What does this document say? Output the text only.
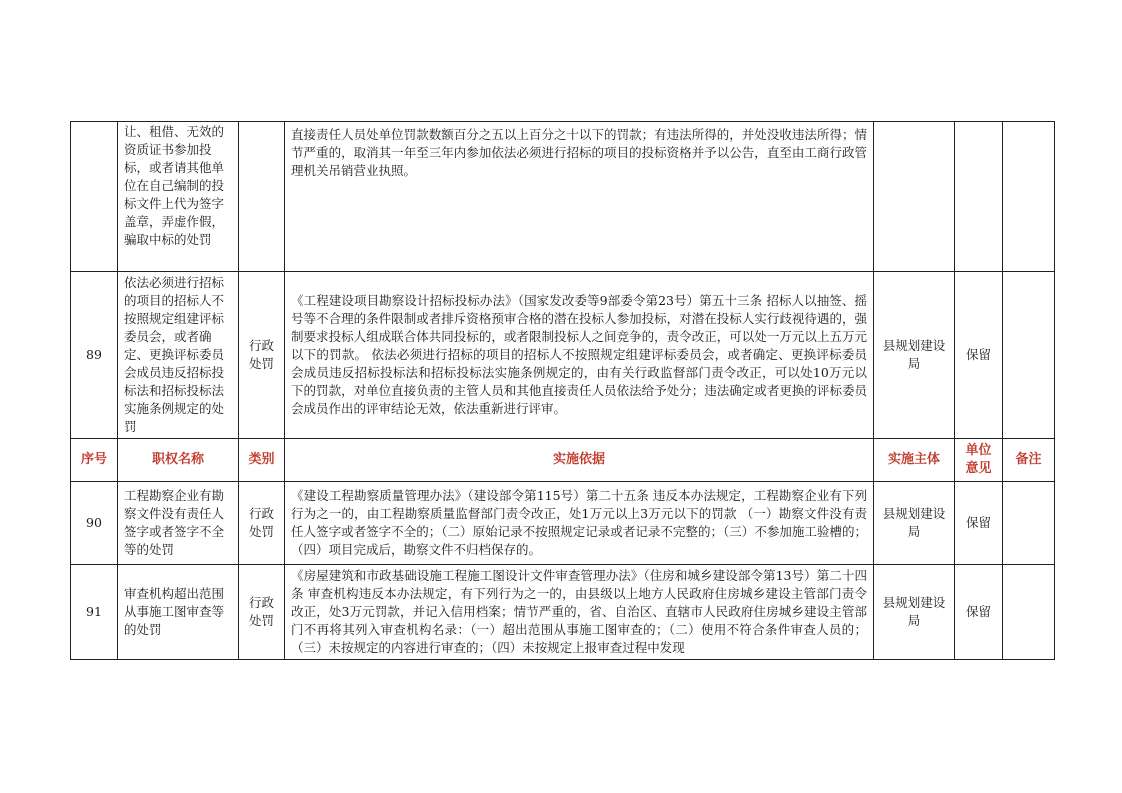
	让、租借、无效的资质证书参加投标，或者请其他单位在自己编制的投标文件上代为签字盖章，弄虚作假，骗取中标的处罚		直接责任人员处单位罚款数额百分之五以上百分之十以下的罚款；有违法所得的，并处没收违法所得；情节严重的，取消其一年至三年内参加依法必须进行招标的项目的投标资格并予以公告，直至由工商行政管理机关吊销营业执照。			
89	依法必须进行招标的项目的招标人不按照规定组建评标委员会，或者确定、更换评标委员会成员违反招标投标法和招标投标法实施条例规定的处罚	行政处罚	《工程建设项目勘察设计招标投标办法》（国家发改委等9部委令第23号）第五十三条 招标人以抽签、摇号等不合理的条件限制或者排斥资格预审合格的潜在投标人参加投标，对潜在投标人实行歧视待遇的，强制要求投标人组成联合体共同投标的，或者限制投标人之间竞争的，责令改正，可以处一万元以上五万元以下的罚款。 依法必须进行招标的项目的招标人不按照规定组建评标委员会，或者确定、更换评标委员会成员违反招标投标法和招标投标法实施条例规定的，由有关行政监督部门责令改正，可以处10万元以下的罚款，对单位直接负责的主管人员和其他直接责任人员依法给予处分；违法确定或者更换的评标委员会成员作出的评审结论无效，依法重新进行评审。	县规划建设局	保留	
序号	职权名称	类别	实施依据	实施主体	单位意见	备注
90	工程勘察企业有勘察文件没有责任人签字或者签字不全等的处罚	行政处罚	《建设工程勘察质量管理办法》（建设部令第115号）第二十五条 违反本办法规定，工程勘察企业有下列行为之一的，由工程勘察质量监督部门责令改正，处1万元以上3万元以下的罚款 （一）勘察文件没有责任人签字或者签字不全的；（二）原始记录不按照规定记录或者记录不完整的；（三）不参加施工验槽的；（四）项目完成后，勘察文件不归档保存的。	县规划建设局	保留	
91	审查机构超出范围从事施工图审查等的处罚	行政处罚	《房屋建筑和市政基础设施工程施工图设计文件审查管理办法》（住房和城乡建设部令第13号）第二十四条 审查机构违反本办法规定，有下列行为之一的，由县级以上地方人民政府住房城乡建设主管部门责令改正，处3万元罚款，并记入信用档案；情节严重的，省、自治区、直辖市人民政府住房城乡建设主管部门不再将其列入审查机构名录：（一）超出范围从事施工图审查的；（二）使用不符合条件审查人员的；（三）未按规定的内容进行审查的；（四）未按规定上报审查过程中发现	县规划建设局	保留	
